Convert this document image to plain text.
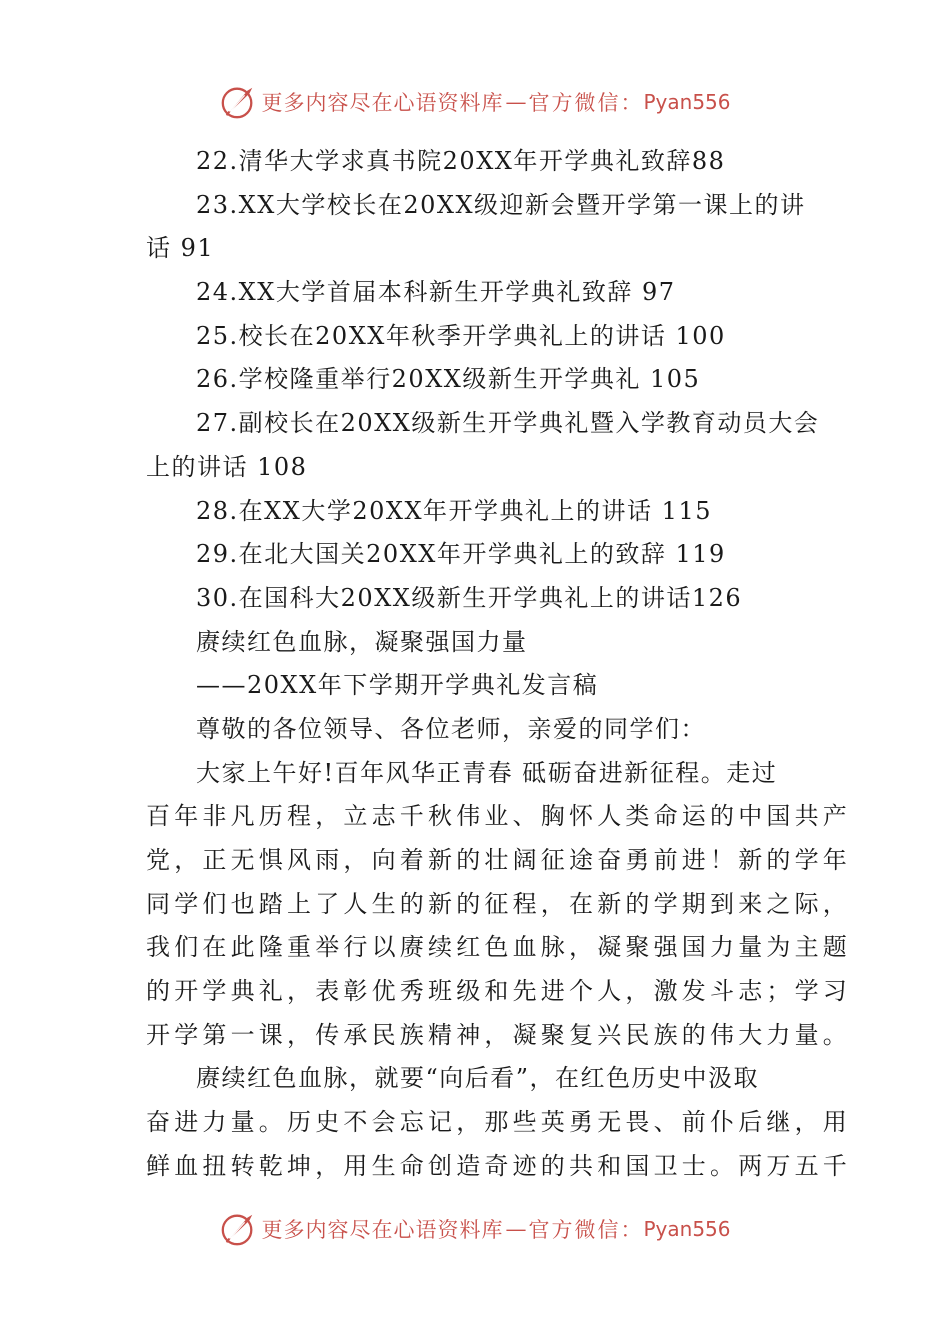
更多内容尽在心语资料库 — 官方微信： Pyan556
22.清华大学求真书院20XX年开学典礼致辞88
23.XX大学校长在20XX级迎新会暨开学第一课上的讲
话 91
24.XX大学首届本科新生开学典礼致辞 97
25.校长在20XX年秋季开学典礼上的讲话 100
26.学校隆重举行20XX级新生开学典礼 105
27.副校长在20XX级新生开学典礼暨入学教育动员大会
上的讲话 108
28.在XX大学20XX年开学典礼上的讲话 115
29.在北大国关20XX年开学典礼上的致辞 119
30.在国科大20XX级新生开学典礼上的讲话126
赓续红色血脉，凝聚强国力量
——20XX年下学期开学典礼发言稿
尊敬的各位领导、各位老师，亲爱的同学们：
大家上午好!百年风华正青春 砥砺奋进新征程。走过
百年非凡历程，立志千秋伟业、胸怀人类命运的中国共产
党，正无惧风雨，向着新的壮阔征途奋勇前进！新的学年
同学们也踏上了人生的新的征程，在新的学期到来之际，
我们在此隆重举行以赓续红色血脉，凝聚强国力量为主题
的开学典礼，表彰优秀班级和先进个人，激发斗志；学习
开学第一课，传承民族精神，凝聚复兴民族的伟大力量。
赓续红色血脉，就要“向后看”，在红色历史中汲取
奋进力量。历史不会忘记，那些英勇无畏、前仆后继，用
鲜血扭转乾坤，用生命创造奇迹的共和国卫士。两万五千
更多内容尽在心语资料库 — 官方微信： Pyan556
